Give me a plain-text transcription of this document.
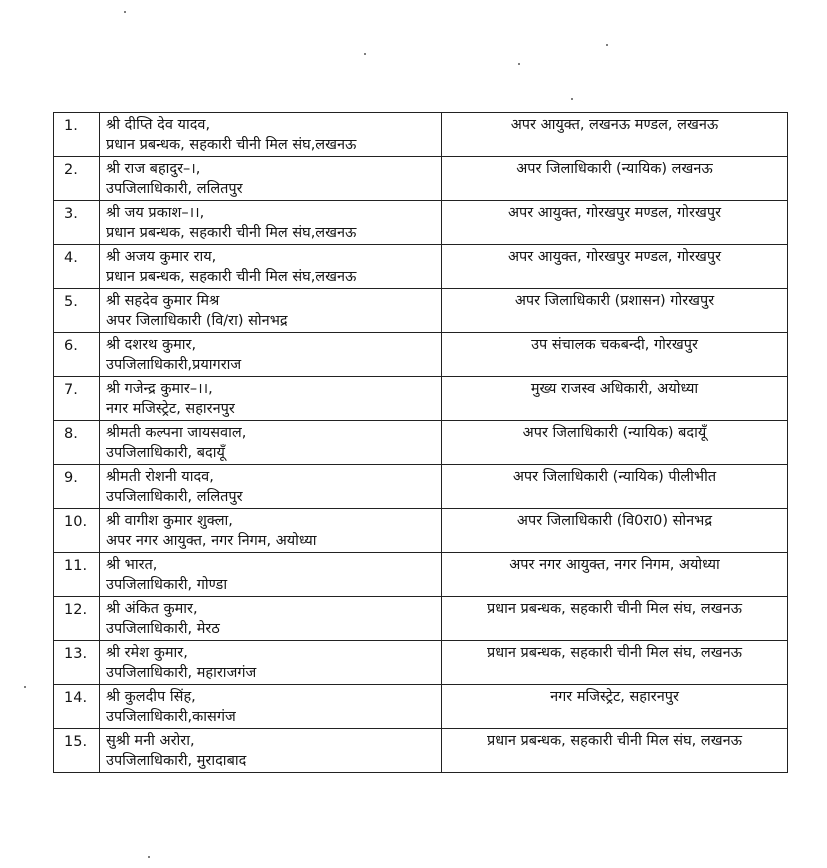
1.	श्री दीप्ति देव यादव,
प्रधान प्रबन्धक, सहकारी चीनी मिल संघ,लखनऊ	अपर आयुक्त, लखनऊ मण्डल, लखनऊ
2.	श्री राज बहादुर–।,
उपजिलाधिकारी, ललितपुर	अपर जिलाधिकारी (न्यायिक) लखनऊ
3.	श्री जय प्रकाश–।।,
प्रधान प्रबन्धक, सहकारी चीनी मिल संघ,लखनऊ	अपर आयुक्त, गोरखपुर मण्डल, गोरखपुर
4.	श्री अजय कुमार राय,
प्रधान प्रबन्धक, सहकारी चीनी मिल संघ,लखनऊ	अपर आयुक्त, गोरखपुर मण्डल, गोरखपुर
5.	श्री सहदेव कुमार मिश्र
अपर जिलाधिकारी (वि/रा) सोनभद्र	अपर जिलाधिकारी (प्रशासन) गोरखपुर
6.	श्री दशरथ कुमार,
उपजिलाधिकारी,प्रयागराज	उप संचालक चकबन्दी, गोरखपुर
7.	श्री गजेन्द्र कुमार–।।,
नगर मजिस्ट्रेट, सहारनपुर	मुख्य राजस्व अधिकारी, अयोध्या
8.	श्रीमती कल्पना जायसवाल,
उपजिलाधिकारी, बदायूँ	अपर जिलाधिकारी (न्यायिक) बदायूँ
9.	श्रीमती रोशनी यादव,
उपजिलाधिकारी, ललितपुर	अपर जिलाधिकारी (न्यायिक) पीलीभीत
10.	श्री वागीश कुमार शुक्ला,
अपर नगर आयुक्त, नगर निगम, अयोध्या	अपर जिलाधिकारी (वि0रा0) सोनभद्र
11.	श्री भारत,
उपजिलाधिकारी, गोण्डा	अपर नगर आयुक्त, नगर निगम, अयोध्या
12.	श्री अंकित कुमार,
उपजिलाधिकारी, मेरठ	प्रधान प्रबन्धक, सहकारी चीनी मिल संघ, लखनऊ
13.	श्री रमेश कुमार,
उपजिलाधिकारी, महाराजगंज	प्रधान प्रबन्धक, सहकारी चीनी मिल संघ, लखनऊ
14.	श्री कुलदीप सिंह,
उपजिलाधिकारी,कासगंज	नगर मजिस्ट्रेट, सहारनपुर
15.	सुश्री मनी अरोरा,
उपजिलाधिकारी, मुरादाबाद	प्रधान प्रबन्धक, सहकारी चीनी मिल संघ, लखनऊ
